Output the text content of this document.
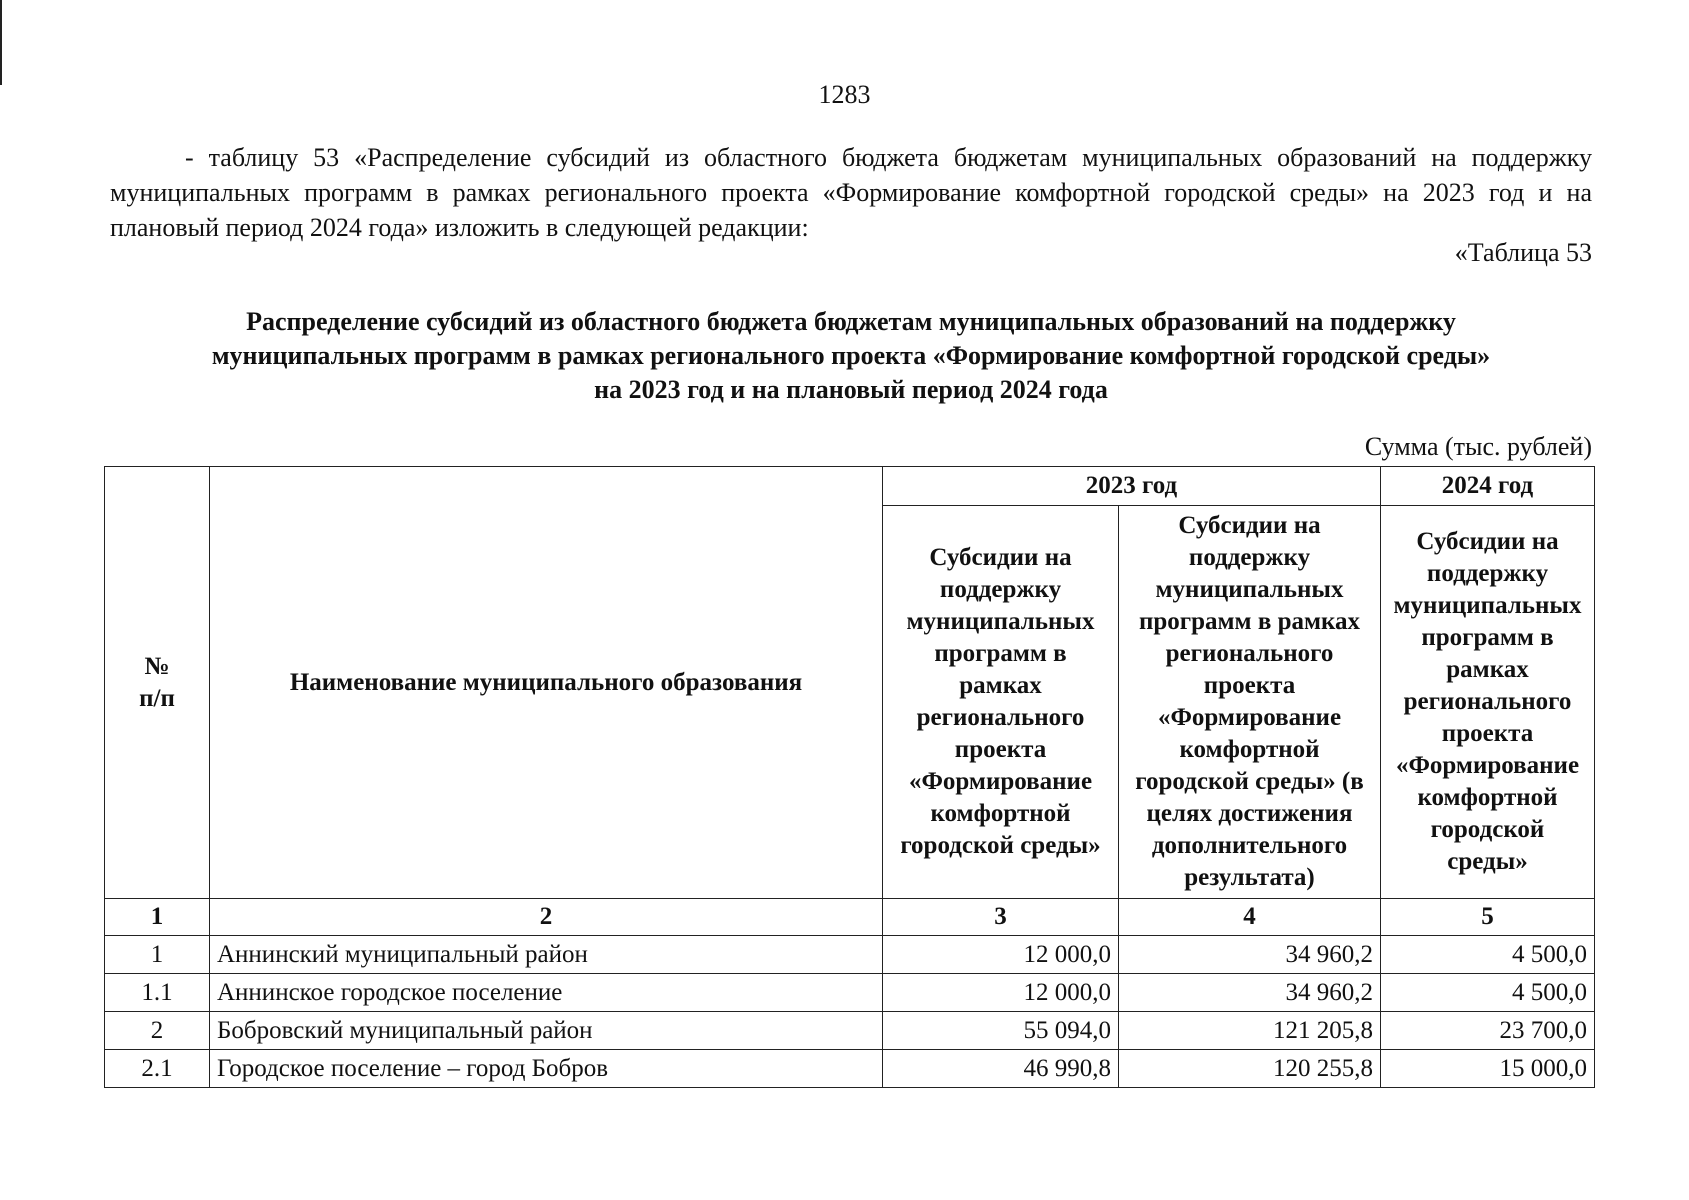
1283

- таблицу 53 «Распределение субсидий из областного бюджета бюджетам муниципальных образований на поддержку муниципальных программ в рамках регионального проекта «Формирование комфортной городской среды» на 2023 год и на плановый период 2024 года» изложить в следующей редакции:

«Таблица 53
Распределение субсидий из областного бюджета бюджетам муниципальных образований на поддержку
муниципальных программ в рамках регионального проекта «Формирование комфортной городской среды»
на 2023 год и на плановый период 2024 года
Сумма (тыс. рублей)
№ п/п	Наименование муниципального образования	2023 год		2024 год
		Субсидии на поддержку муниципальных программ в рамках регионального проекта «Формирование комфортной городской среды»	Субсидии на поддержку муниципальных программ в рамках регионального проекта «Формирование комфортной городской среды» (в целях достижения дополнительного результата)	Субсидии на поддержку муниципальных программ в рамках регионального проекта «Формирование комфортной городской среды»
1	2	3	4	5
1	Аннинский муниципальный район	12 000,0	34 960,2	4 500,0
1.1	Аннинское городское поселение	12 000,0	34 960,2	4 500,0
2	Бобровский муниципальный район	55 094,0	121 205,8	23 700,0
2.1	Городское поселение – город Бобров	46 990,8	120 255,8	15 000,0
